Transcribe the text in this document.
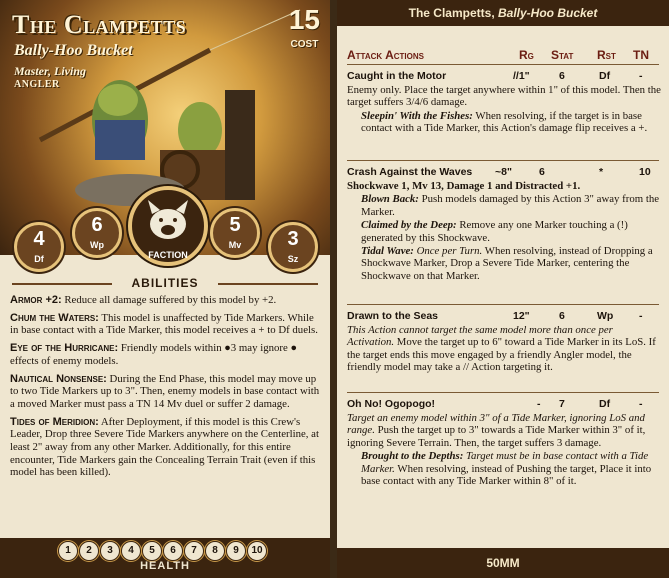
The Clampetts
Bally-Hoo Bucket
Master, Living
ANGLER
15
COST
4
Df
6
Wp
FACTION
5
Mv	3
Sz
ABILITIES

Armor +2: Reduce all damage suffered by this model by +2.

Chum the Waters: This model is unaffected by Tide Markers. While in base contact with a Tide Marker, this model receives a + to Df duels.

Eye of the Hurricane: Friendly models within ●3 may ignore ● effects of enemy models.

Nautical Nonsense: During the End Phase, this model may move up to two Tide Markers up to 3". Then, enemy models in base contact with a moved Marker must pass a TN 14 Mv duel or suffer 2 damage.

Tides of Meridion: After Deployment, if this model is this Crew's Leader, Drop three Severe Tide Markers anywhere on the Centerline, at least 2" away from any other Marker. Additionally, for this entire encounter, Tide Markers gain the Concealing Terrain Trait (even if this model has been killed).

1 2 3 4 5 6 7 8 9 10
HEALTH
The Clampetts, Bally-Hoo Bucket
Attack Actions	Rg Stat Rst TN
Caught in the Motor	//1"	6	Df	-
Enemy only. Place the target anywhere within 1" of this model. Then the target suffers 3/4/6 damage.
Sleepin' With the Fishes: When resolving, if the target is in base contact with a Tide Marker, this Action's damage flip receives a +.
Crash Against the Waves ~8"	6	*	10
Shockwave 1, Mv 13, Damage 1 and Distracted +1.
Blown Back: Push models damaged by this Action 3" away from the Marker.
Claimed by the Deep: Remove any one Marker touching a (!) generated by this Shockwave.
Tidal Wave: Once per Turn. When resolving, instead of Dropping a Shockwave Marker, Drop a Severe Tide Marker, centering the Shockwave on that Marker.
Drawn to the Seas	12"	6	Wp -
This Action cannot target the same model more than once per Activation. Move the target up to 6" toward a Tide Marker in its LoS. If the target ends this move engaged by a friendly Angler model, the friendly model may take a // Action targeting it.
Oh No! Ogopogo!	- 7	Df	-
Target an enemy model within 3" of a Tide Marker, ignoring LoS and range. Push the target up to 3" towards a Tide Marker within 3" of it, ignoring Severe Terrain. Then, the target suffers 3 damage.
Brought to the Depths: Target must be in base contact with a Tide Marker. When resolving, instead of Pushing the target, Place it into base contact with any Tide Marker within 8" of it.
50MM
